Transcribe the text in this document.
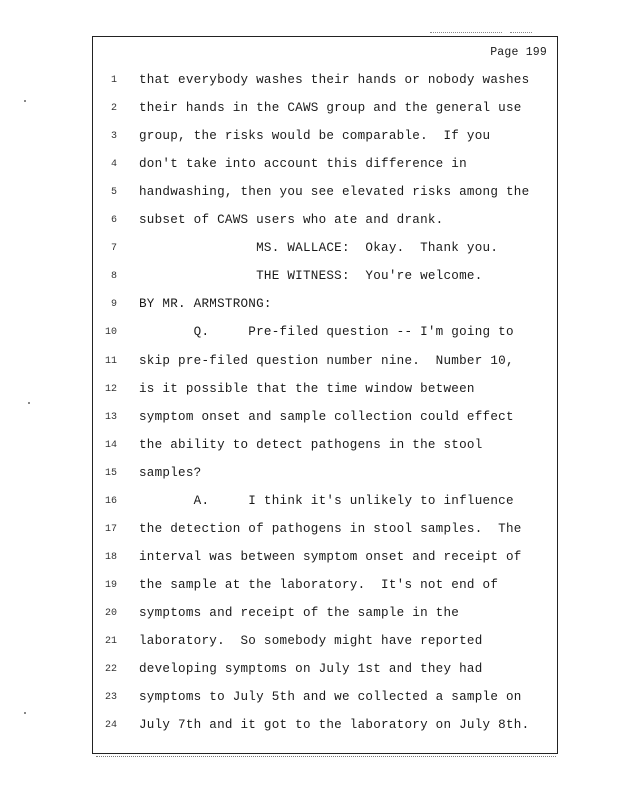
Page 199
1 that everybody washes their hands or nobody washes
2 their hands in the CAWS group and the general use
3 group, the risks would be comparable.  If you
4 don't take into account this difference in
5 handwashing, then you see elevated risks among the
6 subset of CAWS users who ate and drank.
7 MS. WALLACE:  Okay.  Thank you.
8 THE WITNESS:  You're welcome.
9 BY MR. ARMSTRONG:
10 Q.     Pre-filed question -- I'm going to
11 skip pre-filed question number nine.  Number 10,
12 is it possible that the time window between
13 symptom onset and sample collection could effect
14 the ability to detect pathogens in the stool
15 samples?
16 A.     I think it's unlikely to influence
17 the detection of pathogens in stool samples.  The
18 interval was between symptom onset and receipt of
19 the sample at the laboratory.  It's not end of
20 symptoms and receipt of the sample in the
21 laboratory.  So somebody might have reported
22 developing symptoms on July 1st and they had
23 symptoms to July 5th and we collected a sample on
24 July 7th and it got to the laboratory on July 8th.
